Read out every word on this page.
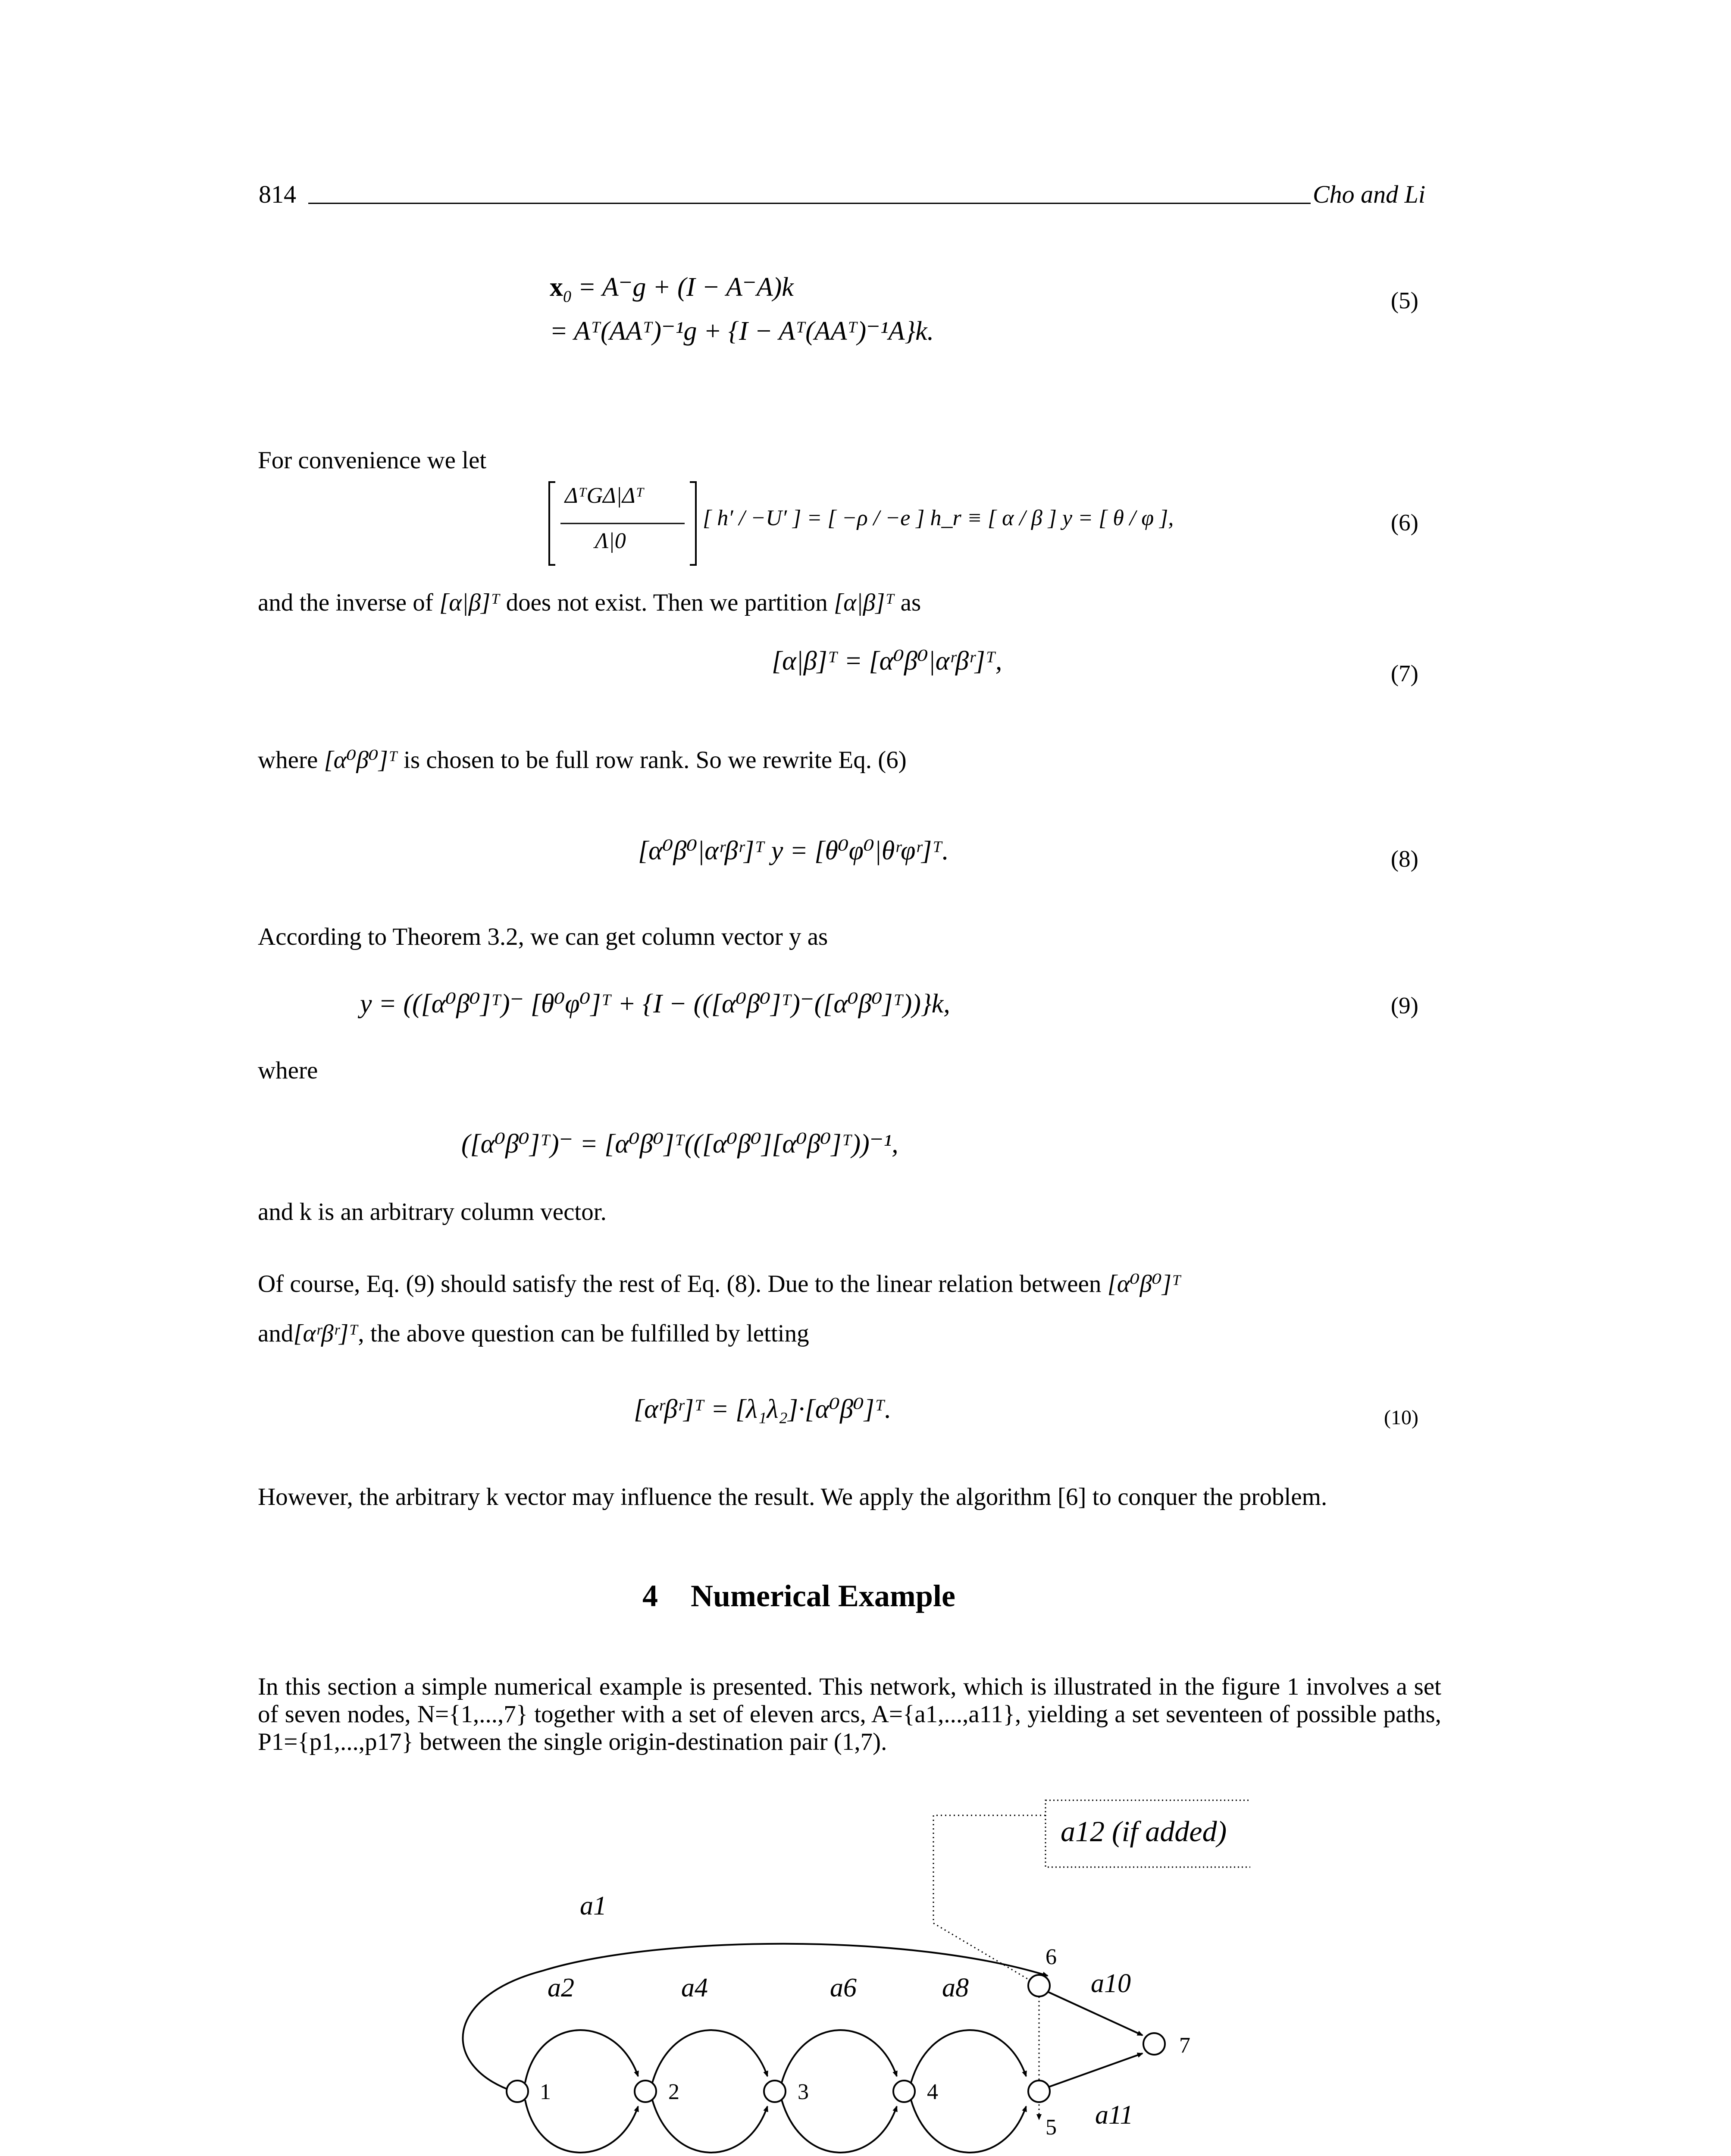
814	Cho and Li
$x_0 = A^-g + (I - A^-A)k$
= Aᵀ(AAᵀ)⁻¹g + {I − Aᵀ(AAᵀ)⁻¹A}k.
(5)
For convenience we let
ΔᵀGΔ|Δᵀ
Λ|0
[ h′ / −U′ ] = [ −ρ / −e ] h_r ≡ [ α / β ] y = [ θ / φ ],	(6)
and the inverse of [α|β]ᵀ does not exist. Then we partition [α|β]ᵀ as
[α|β]ᵀ = [α⁰β⁰|αʳβʳ]ᵀ,	(7)
where [α⁰β⁰]ᵀ is chosen to be full row rank. So we rewrite Eq. (6)
[α⁰β⁰|αʳβʳ]ᵀ y = [θ⁰φ⁰|θʳφʳ]ᵀ.	(8)
According to Theorem 3.2, we can get column vector y as
y = (([α⁰β⁰]ᵀ)⁻ [θ⁰φ⁰]ᵀ + {I − (([α⁰β⁰]ᵀ)⁻([α⁰β⁰]ᵀ))}k,	(9)
where
([α⁰β⁰]ᵀ)⁻ = [α⁰β⁰]ᵀ(([α⁰β⁰][α⁰β⁰]ᵀ))⁻¹,
and k is an arbitrary column vector.
Of course, Eq. (9) should satisfy the rest of Eq. (8). Due to the linear relation between [α⁰β⁰]ᵀ
and[αʳβʳ]ᵀ, the above question can be fulfilled by letting
[αʳβʳ]ᵀ = [λ₁λ₂]·[α⁰β⁰]ᵀ.	(10)
However, the arbitrary k vector may influence the result. We apply the algorithm [6] to conquer the problem.
4 Numerical Example
In this section a simple numerical example is presented. This network, which is illustrated in the figure 1 involves a set of seven nodes, N={1,...,7} together with a set of eleven arcs, A={a1,...,a11}, yielding a set seventeen of possible paths, P1={p1,...,p17} between the single origin-destination pair (1,7).
a12 (if added)
1	2	3	4
5
6
7
a1
a2	a4	a6	a8	a10
a11
